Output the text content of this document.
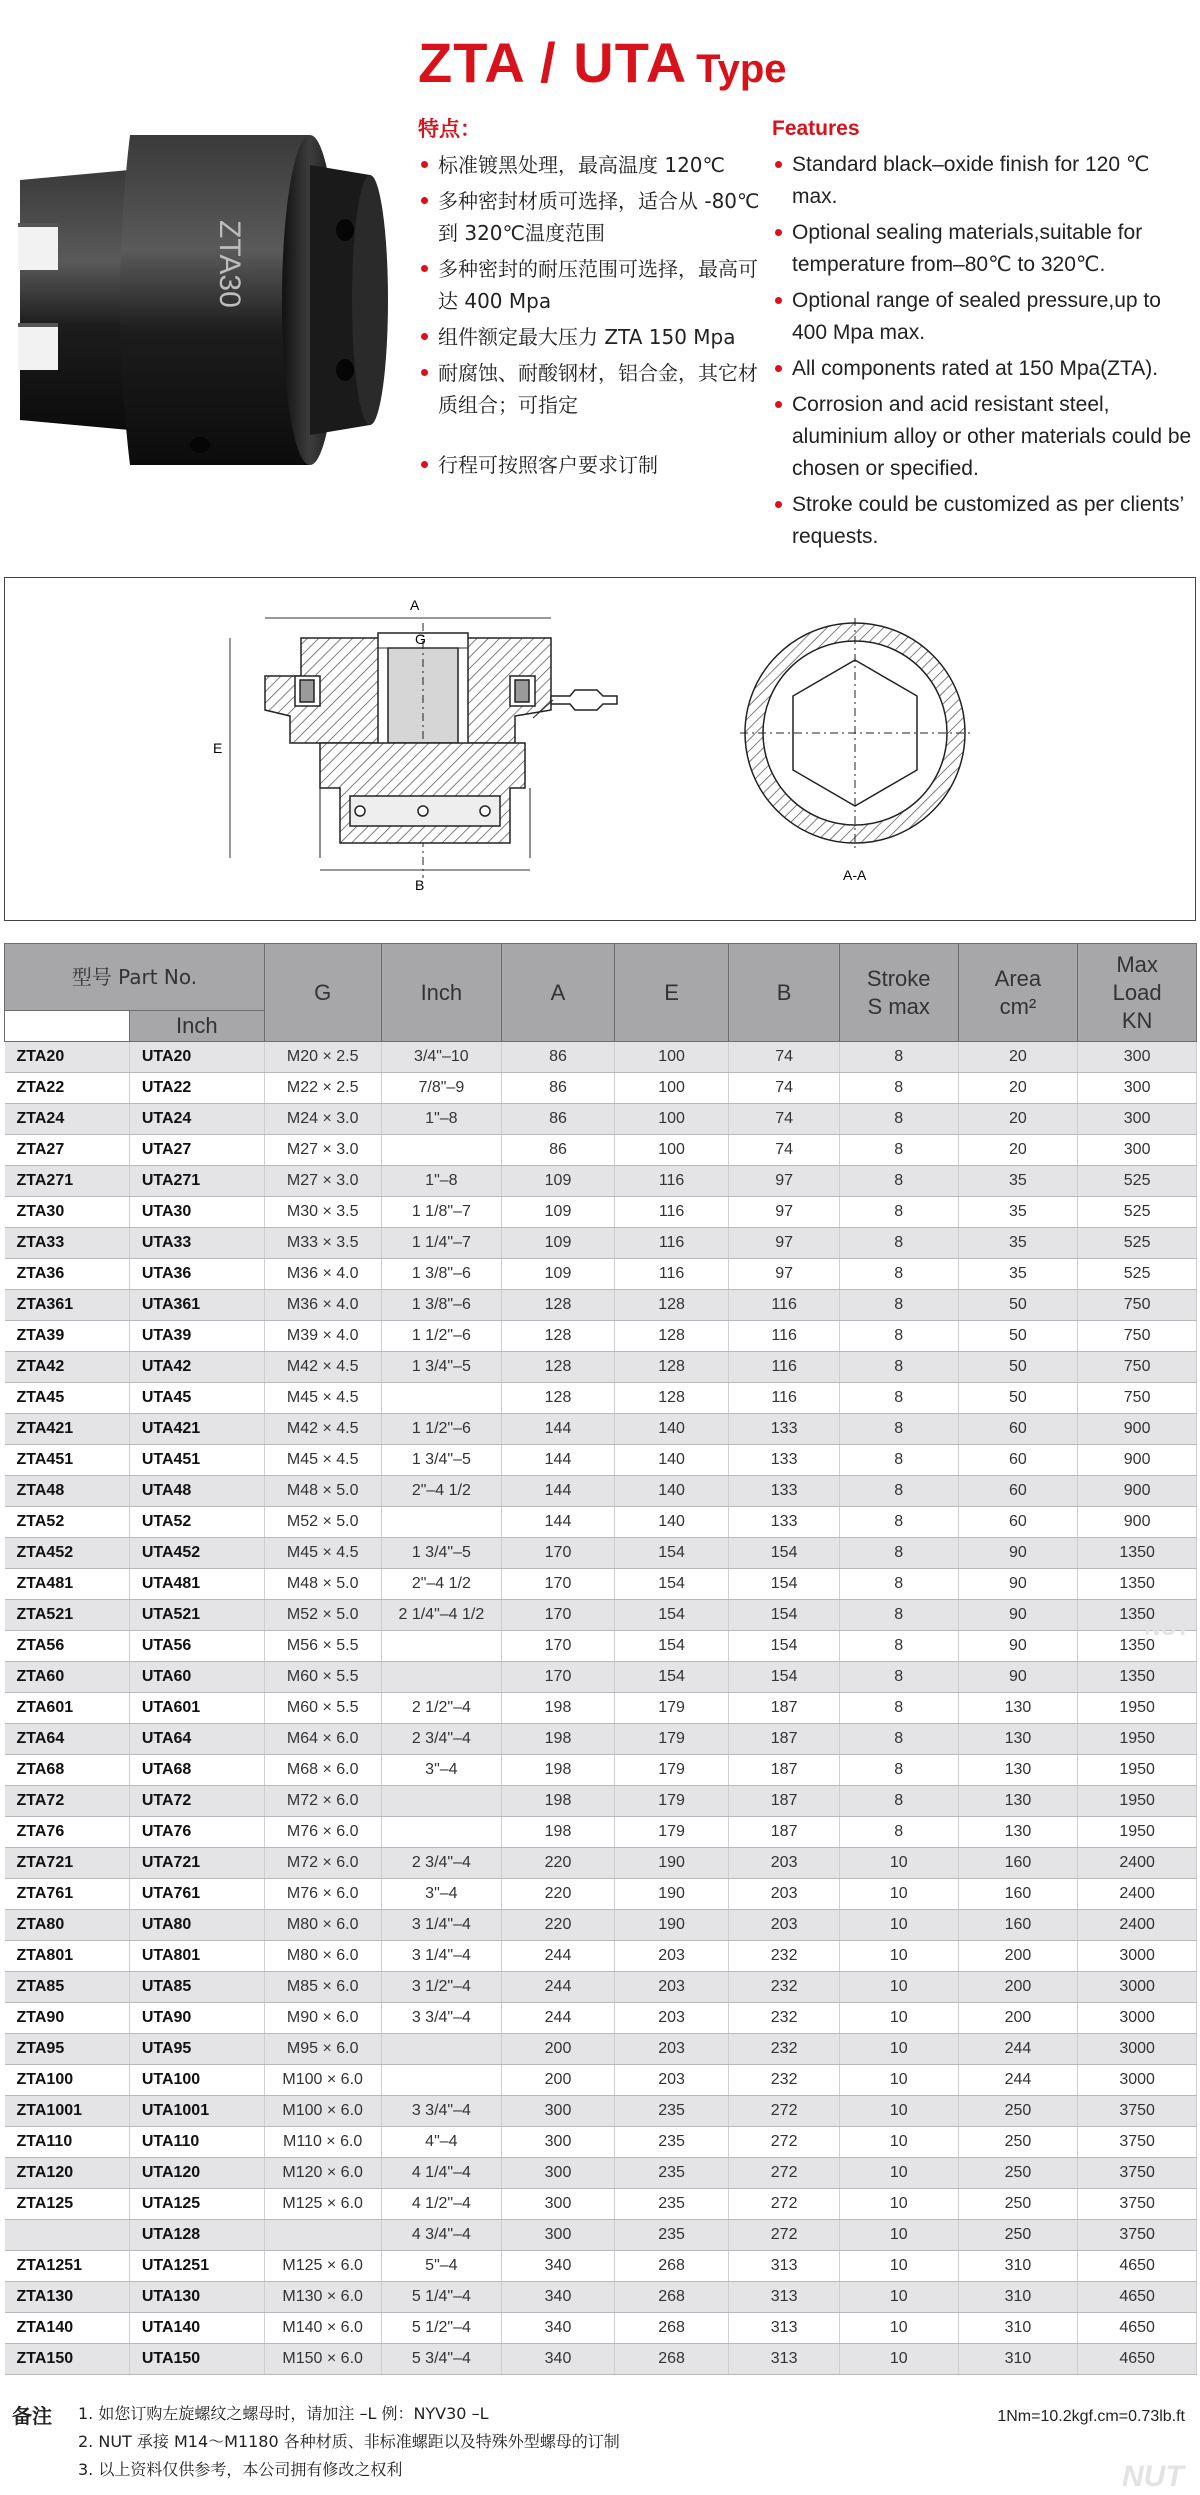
ZTA / UTA Type
ZTA30
特点：
标准镀黑处理，最高温度 120℃
多种密封材质可选择，适合从 -80℃到 320℃温度范围
多种密封的耐压范围可选择，最高可达 400 Mpa
组件额定最大压力 ZTA 150 Mpa
耐腐蚀、耐酸钢材，铝合金，其它材质组合；可指定
行程可按照客户要求订制
Features
Standard black–oxide finish for 120 ℃ max.
Optional sealing materials,suitable for temperature from–80℃ to 320℃.
Optional range of sealed pressure,up to 400 Mpa max.
All components rated at 150 Mpa(ZTA).
Corrosion and acid resistant steel, aluminium alloy or other materials could be chosen or specified.
Stroke could be customized as per clients’ requests.
A
G
E
B
A-A
型号 Part No.		G	Inch	A	E	B	Stroke
S max	Area
cm²	Max
Load
KN
	Inch								
ZTA20	UTA20	M20 × 2.5	3/4"–10	86	100	74	8	20	300
ZTA22	UTA22	M22 × 2.5	7/8"–9	86	100	74	8	20	300
ZTA24	UTA24	M24 × 3.0	1"–8	86	100	74	8	20	300
ZTA27	UTA27	M27 × 3.0		86	100	74	8	20	300
ZTA271	UTA271	M27 × 3.0	1"–8	109	116	97	8	35	525
ZTA30	UTA30	M30 × 3.5	1 1/8"–7	109	116	97	8	35	525
ZTA33	UTA33	M33 × 3.5	1 1/4"–7	109	116	97	8	35	525
ZTA36	UTA36	M36 × 4.0	1 3/8"–6	109	116	97	8	35	525
ZTA361	UTA361	M36 × 4.0	1 3/8"–6	128	128	116	8	50	750
ZTA39	UTA39	M39 × 4.0	1 1/2"–6	128	128	116	8	50	750
ZTA42	UTA42	M42 × 4.5	1 3/4"–5	128	128	116	8	50	750
ZTA45	UTA45	M45 × 4.5		128	128	116	8	50	750
ZTA421	UTA421	M42 × 4.5	1 1/2"–6	144	140	133	8	60	900
ZTA451	UTA451	M45 × 4.5	1 3/4"–5	144	140	133	8	60	900
ZTA48	UTA48	M48 × 5.0	2"–4 1/2	144	140	133	8	60	900
ZTA52	UTA52	M52 × 5.0		144	140	133	8	60	900
ZTA452	UTA452	M45 × 4.5	1 3/4"–5	170	154	154	8	90	1350
ZTA481	UTA481	M48 × 5.0	2"–4 1/2	170	154	154	8	90	1350
ZTA521	UTA521	M52 × 5.0	2 1/4"–4 1/2	170	154	154	8	90	1350
ZTA56	UTA56	M56 × 5.5		170	154	154	8	90	1350
ZTA60	UTA60	M60 × 5.5		170	154	154	8	90	1350
ZTA601	UTA601	M60 × 5.5	2 1/2"–4	198	179	187	8	130	1950
ZTA64	UTA64	M64 × 6.0	2 3/4"–4	198	179	187	8	130	1950
ZTA68	UTA68	M68 × 6.0	3"–4	198	179	187	8	130	1950
ZTA72	UTA72	M72 × 6.0		198	179	187	8	130	1950
ZTA76	UTA76	M76 × 6.0		198	179	187	8	130	1950
ZTA721	UTA721	M72 × 6.0	2 3/4"–4	220	190	203	10	160	2400
ZTA761	UTA761	M76 × 6.0	3"–4	220	190	203	10	160	2400
ZTA80	UTA80	M80 × 6.0	3 1/4"–4	220	190	203	10	160	2400
ZTA801	UTA801	M80 × 6.0	3 1/4"–4	244	203	232	10	200	3000
ZTA85	UTA85	M85 × 6.0	3 1/2"–4	244	203	232	10	200	3000
ZTA90	UTA90	M90 × 6.0	3 3/4"–4	244	203	232	10	200	3000
ZTA95	UTA95	M95 × 6.0		200	203	232	10	244	3000
ZTA100	UTA100	M100 × 6.0		200	203	232	10	244	3000
ZTA1001	UTA1001	M100 × 6.0	3 3/4"–4	300	235	272	10	250	3750
ZTA110	UTA110	M110 × 6.0	4"–4	300	235	272	10	250	3750
ZTA120	UTA120	M120 × 6.0	4 1/4"–4	300	235	272	10	250	3750
ZTA125	UTA125	M125 × 6.0	4 1/2"–4	300	235	272	10	250	3750
	UTA128		4 3/4"–4	300	235	272	10	250	3750
ZTA1251	UTA1251	M125 × 6.0	5"–4	340	268	313	10	310	4650
ZTA130	UTA130	M130 × 6.0	5 1/4"–4	340	268	313	10	310	4650
ZTA140	UTA140	M140 × 6.0	5 1/2"–4	340	268	313	10	310	4650
ZTA150	UTA150	M150 × 6.0	5 3/4"–4	340	268	313	10	310	4650
备注 1. 如您订购左旋螺纹之螺母时，请加注 –L 例：NYV30 –L
2. NUT 承接 M14～M1180 各种材质、非标准螺距以及特殊外型螺母的订制
3. 以上资料仅供参考，本公司拥有修改之权利
1Nm=10.2kgf.cm=0.73lb.ft
NUT
NUT
